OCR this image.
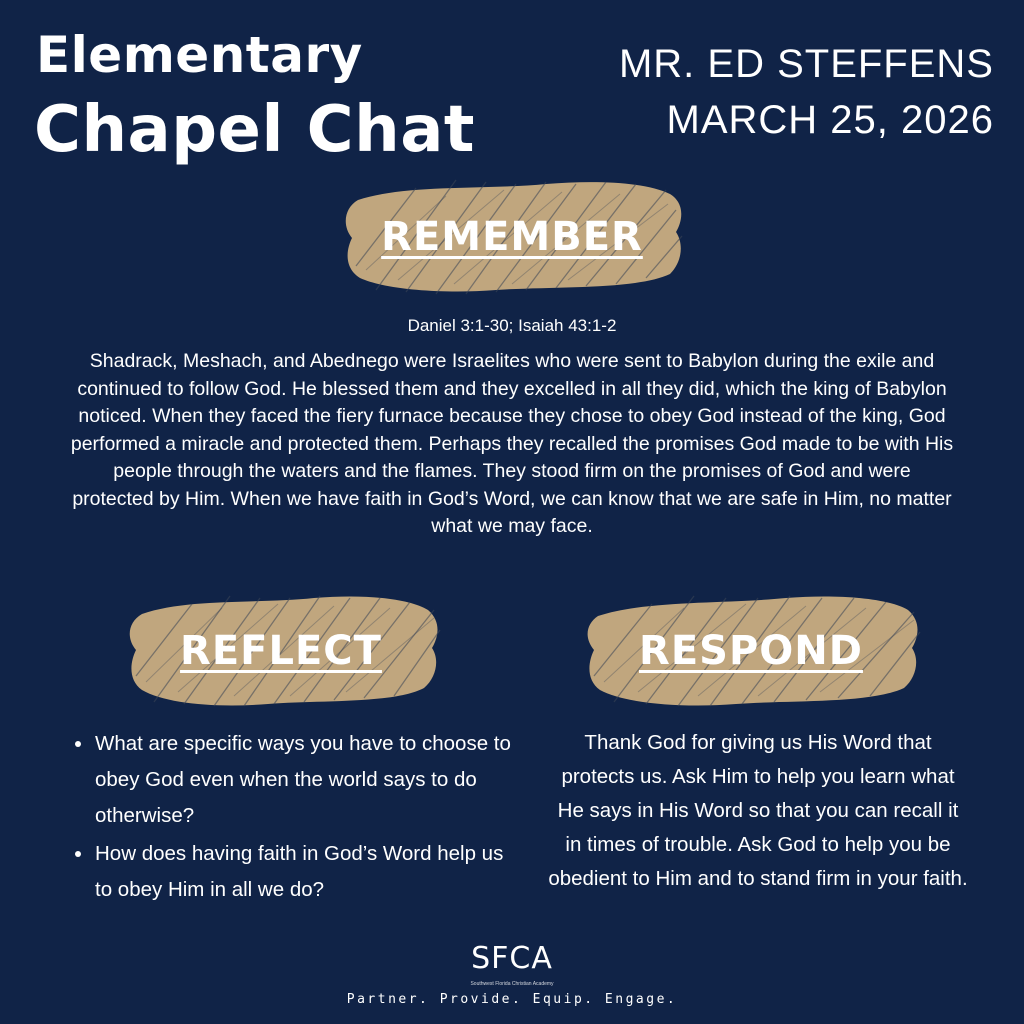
Elementary
Chapel Chat
MR. ED STEFFENS
MARCH 25, 2026
REMEMBER
Daniel 3:1-30; Isaiah 43:1-2
Shadrack, Meshach, and Abednego were Israelites who were sent to Babylon during the exile and continued to follow God. He blessed them and they excelled in all they did, which the king of Babylon noticed. When they faced the fiery furnace because they chose to obey God instead of the king, God performed a miracle and protected them. Perhaps they recalled the promises God made to be with His people through the waters and the flames. They stood firm on the promises of God and were protected by Him. When we have faith in God’s Word, we can know that we are safe in Him, no matter what we may face.
REFLECT	RESPOND
What are specific ways you have to choose to obey God even when the world says to do otherwise?
How does having faith in God’s Word help us to obey Him in all we do?
Thank God for giving us His Word that protects us. Ask Him to help you learn what He says in His Word so that you can recall it in times of trouble. Ask God to help you be obedient to Him and to stand firm in your faith.
SFCA
Southwest Florida Christian Academy
Partner. Provide. Equip. Engage.
